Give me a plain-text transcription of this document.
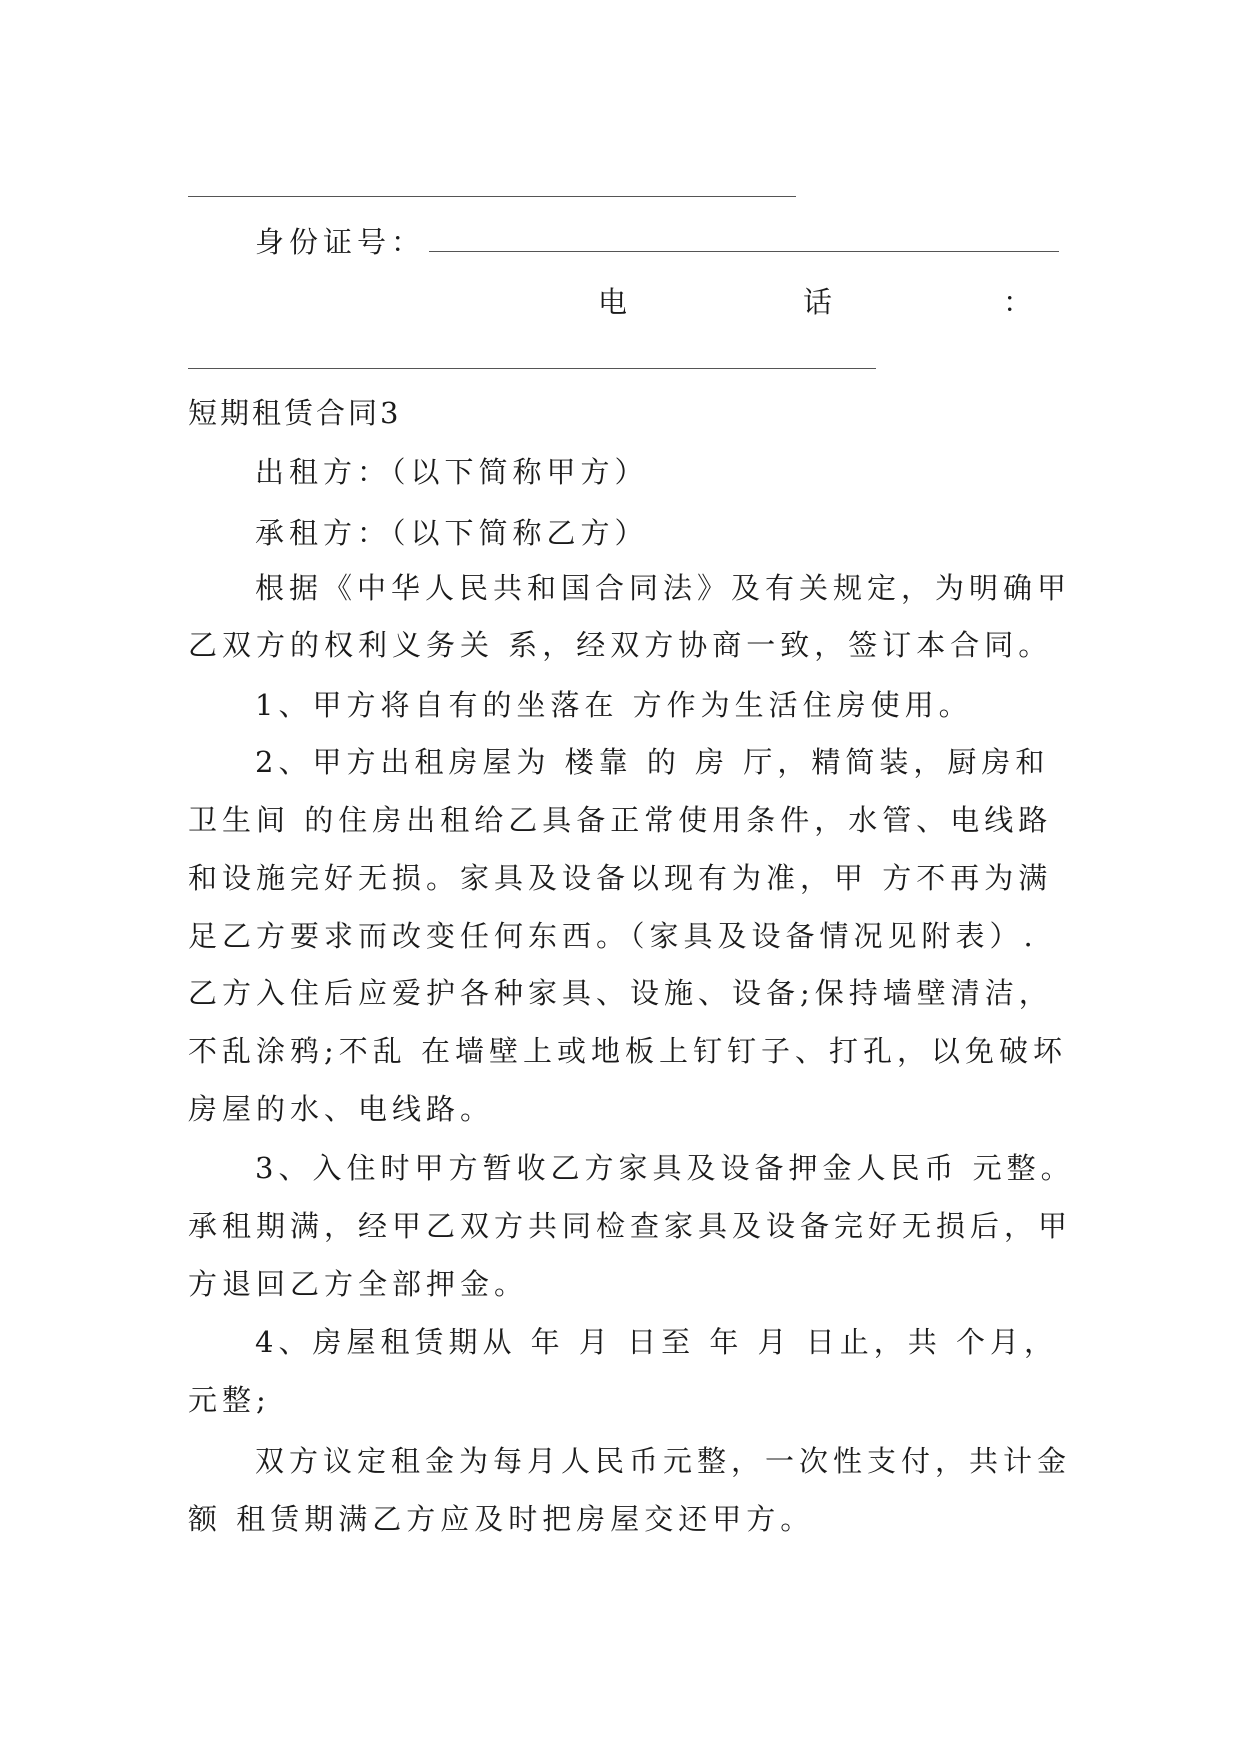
身份证号：
电	话	：
短期租赁合同3
出租方：（以下简称甲方）
承租方：（以下简称乙方）
根据《中华人民共和国合同法》及有关规定，为明确甲
乙双方的权利义务关 系，经双方协商一致，签订本合同。
1、甲方将自有的坐落在 方作为生活住房使用。
2、甲方出租房屋为 楼靠 的 房 厅，精简装，厨房和
卫生间 的住房出租给乙具备正常使用条件，水管、电线路
和设施完好无损。家具及设备以现有为准，甲 方不再为满
足乙方要求而改变任何东西。（家具及设备情况见附表）.
乙方入住后应爱护各种家具、设施、设备;保持墙壁清洁，
不乱涂鸦;不乱 在墙壁上或地板上钉钉子、打孔，以免破坏
房屋的水、电线路。
3、入住时甲方暂收乙方家具及设备押金人民币 元整。
承租期满，经甲乙双方共同检查家具及设备完好无损后，甲
方退回乙方全部押金。
4、房屋租赁期从 年 月 日至 年 月 日止，共 个月，
元整;
双方议定租金为每月人民币元整，一次性支付，共计金
额 租赁期满乙方应及时把房屋交还甲方。
